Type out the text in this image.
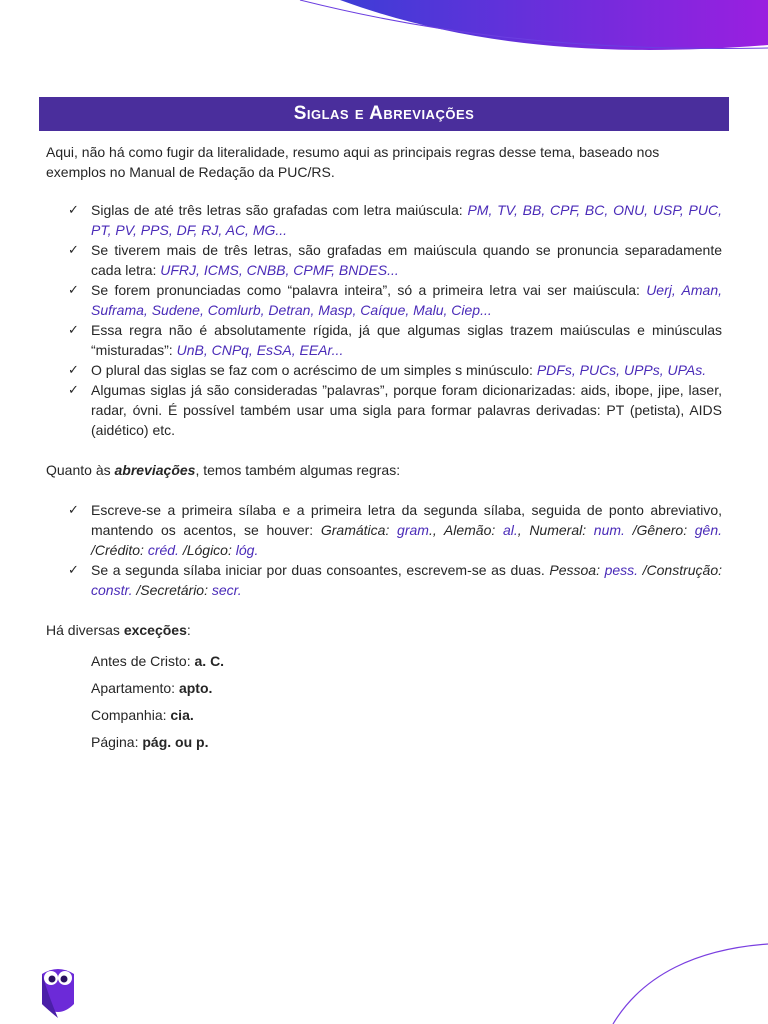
Siglas e Abreviações

Aqui, não há como fugir da literalidade, resumo aqui as principais regras desse tema, baseado nos exemplos no Manual de Redação da PUC/RS.

✓ Siglas de até três letras são grafadas com letra maiúscula: PM, TV, BB, CPF, BC, ONU, USP, PUC, PT, PV, PPS, DF, RJ, AC, MG...
✓ Se tiverem mais de três letras, são grafadas em maiúscula quando se pronuncia separadamente cada letra: UFRJ, ICMS, CNBB, CPMF, BNDES...
✓ Se forem pronunciadas como “palavra inteira”, só a primeira letra vai ser maiúscula: Uerj, Aman, Suframa, Sudene, Comlurb, Detran, Masp, Caíque, Malu, Ciep...
✓ Essa regra não é absolutamente rígida, já que algumas siglas trazem maiúsculas e minúsculas “misturadas”: UnB, CNPq, EsSA, EEAr...
✓ O plural das siglas se faz com o acréscimo de um simples s minúsculo: PDFs, PUCs, UPPs, UPAs.
✓ Algumas siglas já são consideradas ”palavras”, porque foram dicionarizadas: aids, ibope, jipe, laser, radar, óvni. É possível também usar uma sigla para formar palavras derivadas: PT (petista), AIDS (aidético) etc.

Quanto às abreviações, temos também algumas regras:

✓ Escreve-se a primeira sílaba e a primeira letra da segunda sílaba, seguida de ponto abreviativo, mantendo os acentos, se houver: Gramática: gram., Alemão: al., Numeral: num. /Gênero: gên. /Crédito: créd. /Lógico: lóg.
✓ Se a segunda sílaba iniciar por duas consoantes, escrevem-se as duas. Pessoa: pess. /Construção: constr. /Secretário: secr.

Há diversas exceções:

Antes de Cristo: a. C.
Apartamento: apto.
Companhia: cia.
Página: pág. ou p.
